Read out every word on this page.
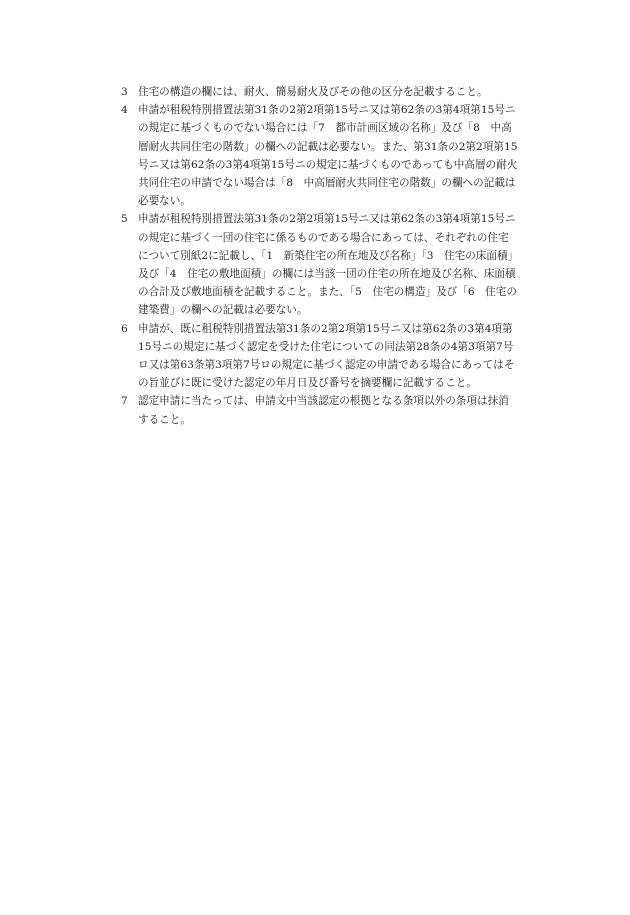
3 住宅の構造の欄には、耐火、簡易耐火及びその他の区分を記載すること。
4 申請が租税特別措置法第31条の2第2項第15号ニ又は第62条の3第4項第15号ニの規定に基づくものでない場合には「7　都市計画区域の名称」及び「8　中高層耐火共同住宅の階数」の欄への記載は必要ない。また、第31条の2第2項第15号ニ又は第62条の3第4項第15号ニの規定に基づくものであっても中高層の耐火共同住宅の申請でない場合は「8　中高層耐火共同住宅の階数」の欄への記載は必要ない。
5 申請が租税特別措置法第31条の2第2項第15号ニ又は第62条の3第4項第15号ニの規定に基づく一団の住宅に係るものである場合にあっては、それぞれの住宅について別紙2に記載し、「1　新築住宅の所在地及び名称」「3　住宅の床面積」及び「4　住宅の敷地面積」の欄には当該一団の住宅の所在地及び名称、床面積の合計及び敷地面積を記載すること。また、「5　住宅の構造」及び「6　住宅の建築費」の欄への記載は必要ない。
6 申請が、既に租税特別措置法第31条の2第2項第15号ニ又は第62条の3第4項第15号ニの規定に基づく認定を受けた住宅についての同法第28条の4第3項第7号ロ又は第63条第3項第7号ロの規定に基づく認定の申請である場合にあってはその旨並びに既に受けた認定の年月日及び番号を摘要欄に記載すること。
7 認定申請に当たっては、申請文中当該認定の根拠となる条項以外の条項は抹消すること。
